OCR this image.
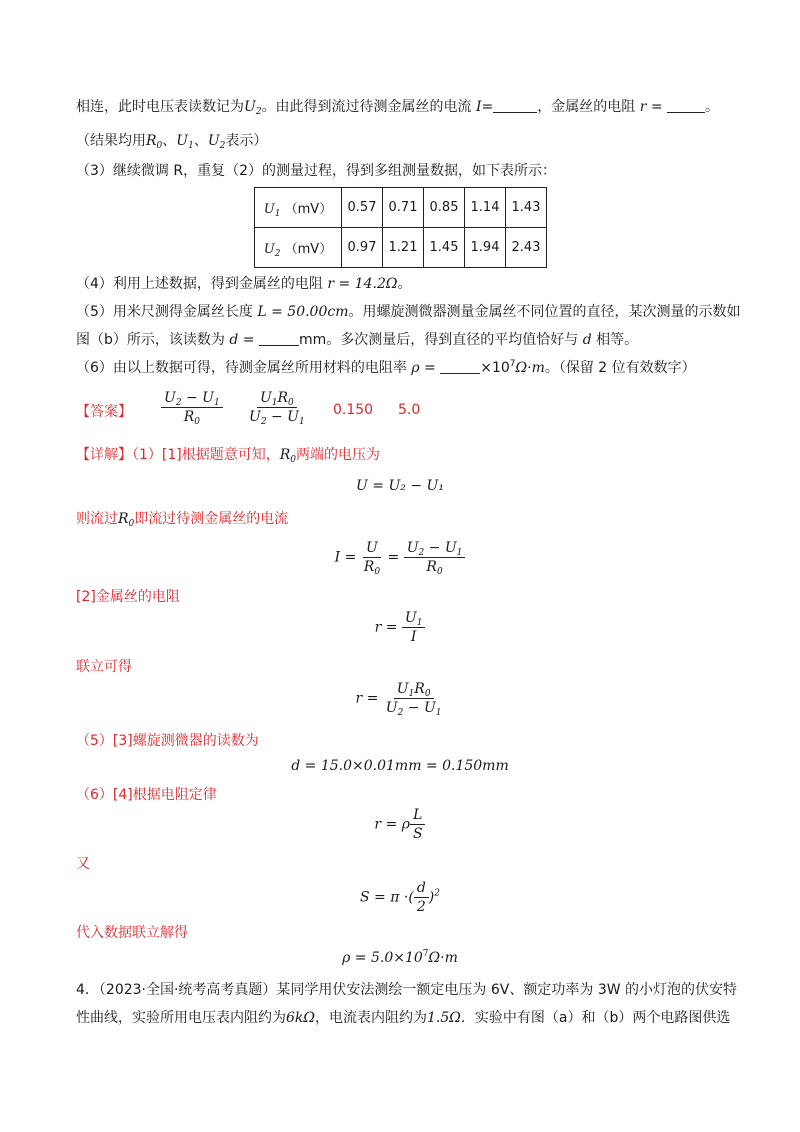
相连，此时电压表读数记为$U_2$。由此得到流过待测金属丝的电流 I=	，金属丝的电阻 r =	。
（结果均用$R_0$、$U_1$、$U_2$表示）
（3）继续微调 R，重复（2）的测量过程，得到多组测量数据，如下表所示：
$U_1$ （mV）	0.57	0.71	0.85	1.14	1.43
$U_2$ （mV）	0.97	1.21	1.45	1.94	2.43
（4）利用上述数据，得到金属丝的电阻 r = 14.2Ω。
（5）用米尺测得金属丝长度 L = 50.00cm。用螺旋测微器测量金属丝不同位置的直径，某次测量的示数如
图（b）所示，该读数为 d =	mm。多次测量后，得到直径的平均值恰好与 d 相等。
（6）由以上数据可得，待测金属丝所用材料的电阻率 ρ =	$\times 10^7\Omega\cdot m$。（保留 2 位有效数字）
【答案】 $\frac{U_2 - U_1}{R_0} \frac{U_1R_0}{U_2 - U_1} 0.150$ 5.0
【详解】（1）[1]根据题意可知，$R_0$两端的电压为
U = U₂ − U₁
则流过$R_0$即流过待测金属丝的电流
$I = \frac{U}{R_0} = \frac{U_2 - U_1}{R_0}$
[2]金属丝的电阻
$r = \frac{U_1}{I}$
联立可得
$r = \frac{U_1R_0}{U_2 - U_1}$
（5）[3]螺旋测微器的读数为
d = 15.0×0.01mm = 0.150mm
（6）[4]根据电阻定律
r = ρ $\frac{L}{S}$
又
S = π ·( $\frac{d}{2} )^2$
代入数据联立解得
$\rho = 5.0\times 10^7\Omega\cdot m$
4．（2023·全国·统考高考真题）某同学用伏安法测绘一额定电压为 6V、额定功率为 3W 的小灯泡的伏安特
性曲线，实验所用电压表内阻约为6kΩ，电流表内阻约为1.5Ω．实验中有图（a）和（b）两个电路图供选
